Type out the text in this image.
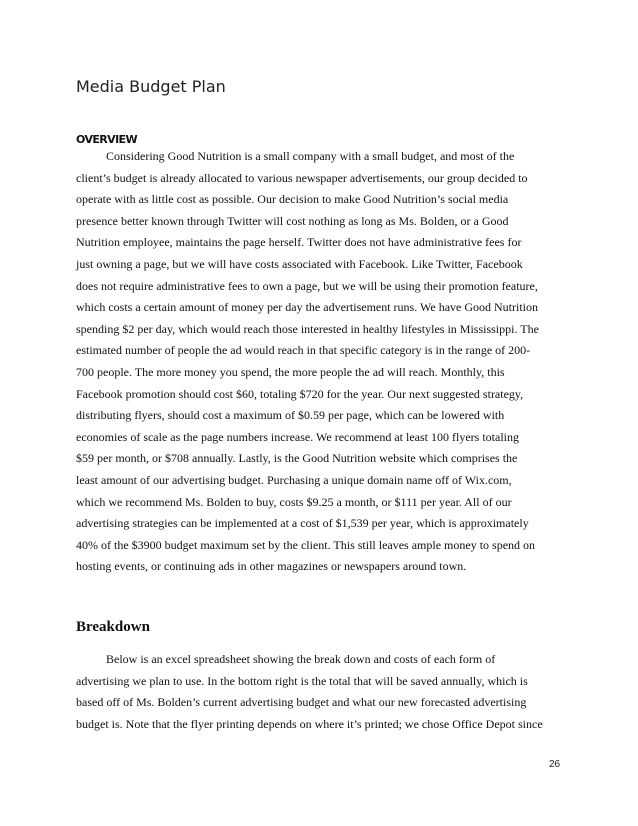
Media Budget Plan
OVERVIEW
Considering Good Nutrition is a small company with a small budget, and most of the
client’s budget is already allocated to various newspaper advertisements, our group decided to
operate with as little cost as possible. Our decision to make Good Nutrition’s social media
presence better known through Twitter will cost nothing as long as Ms. Bolden, or a Good
Nutrition employee, maintains the page herself. Twitter does not have administrative fees for
just owning a page, but we will have costs associated with Facebook. Like Twitter, Facebook
does not require administrative fees to own a page, but we will be using their promotion feature,
which costs a certain amount of money per day the advertisement runs. We have Good Nutrition
spending $2 per day, which would reach those interested in healthy lifestyles in Mississippi. The
estimated number of people the ad would reach in that specific category is in the range of 200-
700 people. The more money you spend, the more people the ad will reach. Monthly, this
Facebook promotion should cost $60, totaling $720 for the year. Our next suggested strategy,
distributing flyers, should cost a maximum of $0.59 per page, which can be lowered with
economies of scale as the page numbers increase. We recommend at least 100 flyers totaling
$59 per month, or $708 annually. Lastly, is the Good Nutrition website which comprises the
least amount of our advertising budget. Purchasing a unique domain name off of Wix.com,
which we recommend Ms. Bolden to buy, costs $9.25 a month, or $111 per year. All of our
advertising strategies can be implemented at a cost of $1,539 per year, which is approximately
40% of the $3900 budget maximum set by the client. This still leaves ample money to spend on
hosting events, or continuing ads in other magazines or newspapers around town.
Breakdown
Below is an excel spreadsheet showing the break down and costs of each form of
advertising we plan to use. In the bottom right is the total that will be saved annually, which is
based off of Ms. Bolden’s current advertising budget and what our new forecasted advertising
budget is. Note that the flyer printing depends on where it’s printed; we chose Office Depot since
26
